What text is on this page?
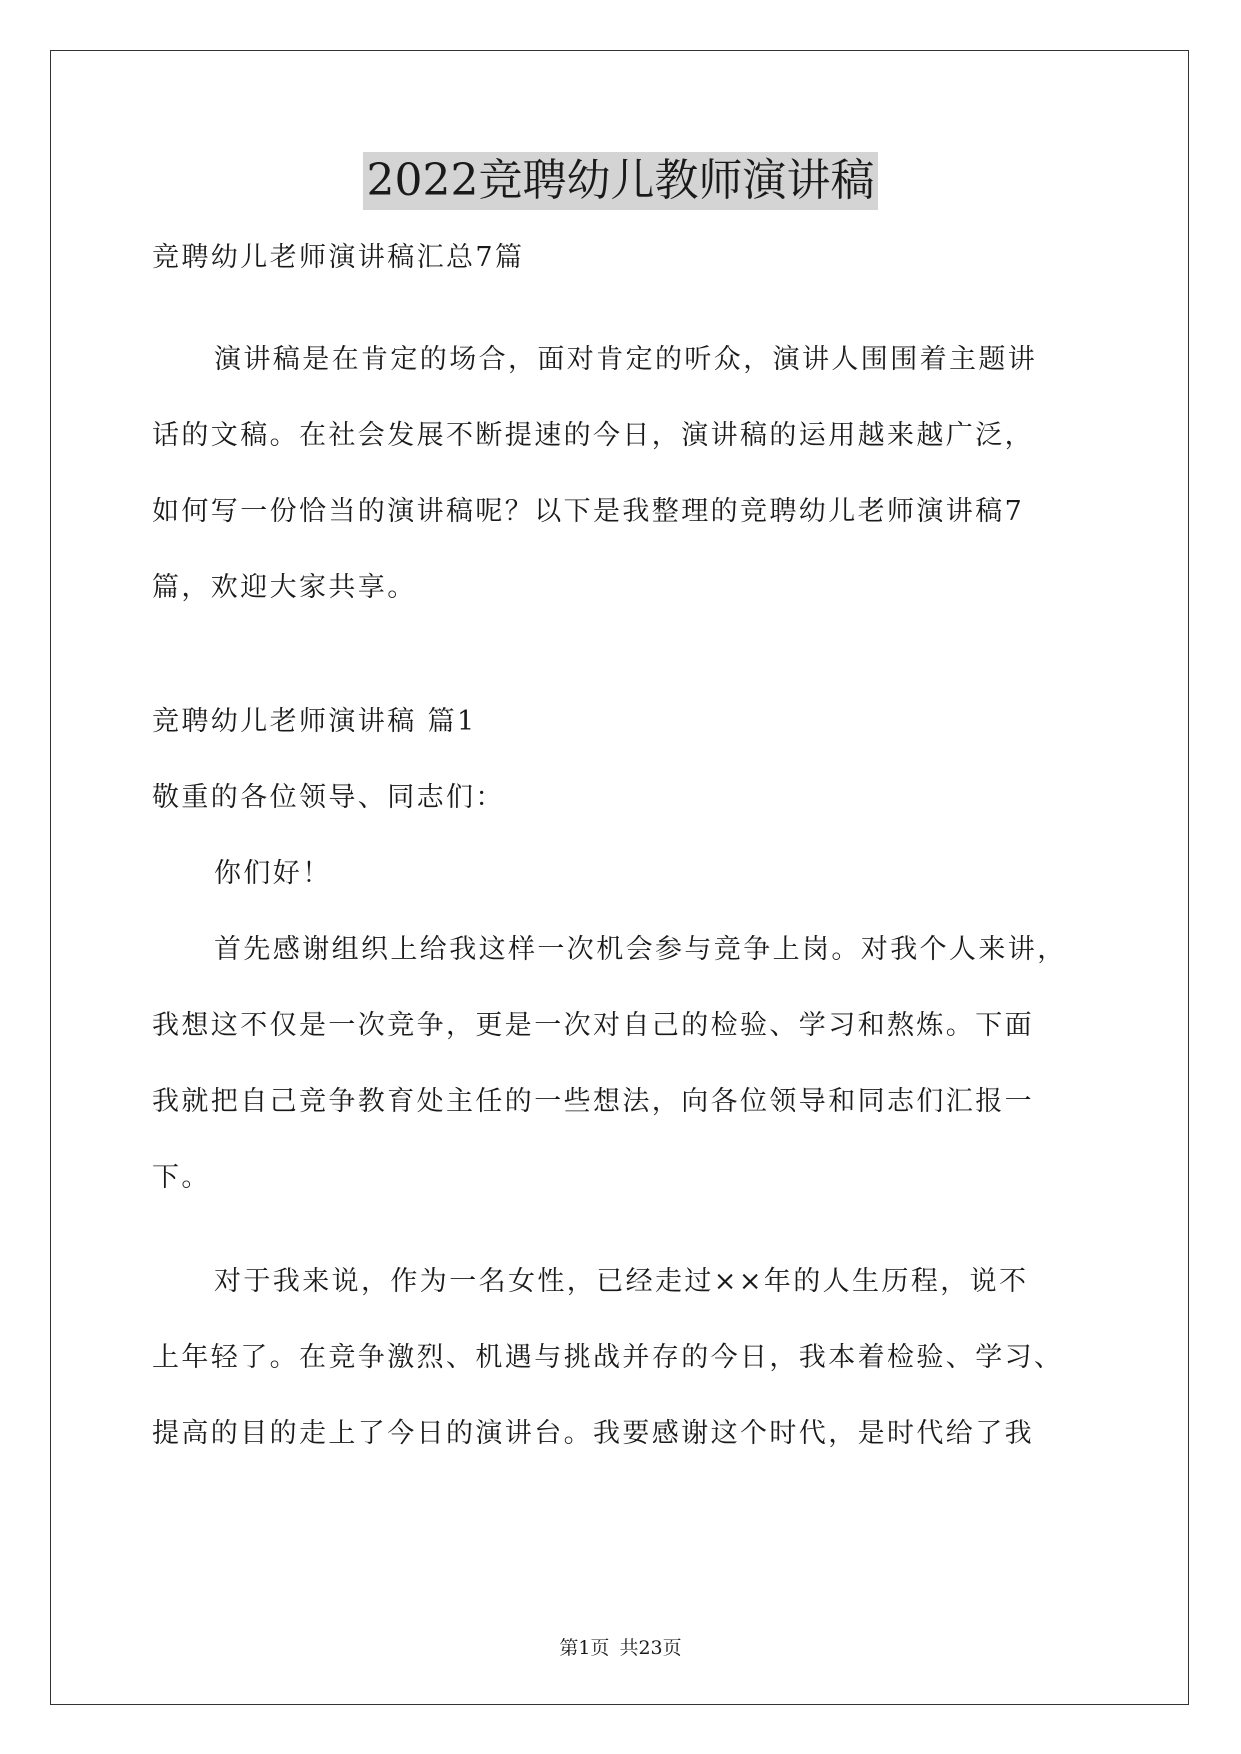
2022竞聘幼儿教师演讲稿
竞聘幼儿老师演讲稿汇总7篇
演讲稿是在肯定的场合，面对肯定的听众，演讲人围围着主题讲
话的文稿。在社会发展不断提速的今日，演讲稿的运用越来越广泛，
如何写一份恰当的演讲稿呢？以下是我整理的竞聘幼儿老师演讲稿7
篇，欢迎大家共享。
竞聘幼儿老师演讲稿 篇1
敬重的各位领导、同志们：
你们好！
首先感谢组织上给我这样一次机会参与竞争上岗。对我个人来讲，
我想这不仅是一次竞争，更是一次对自己的检验、学习和熬炼。下面
我就把自己竞争教育处主任的一些想法，向各位领导和同志们汇报一
下。
对于我来说，作为一名女性，已经走过××年的人生历程，说不
上年轻了。在竞争激烈、机遇与挑战并存的今日，我本着检验、学习、
提高的目的走上了今日的演讲台。我要感谢这个时代，是时代给了我
第1页 共23页
